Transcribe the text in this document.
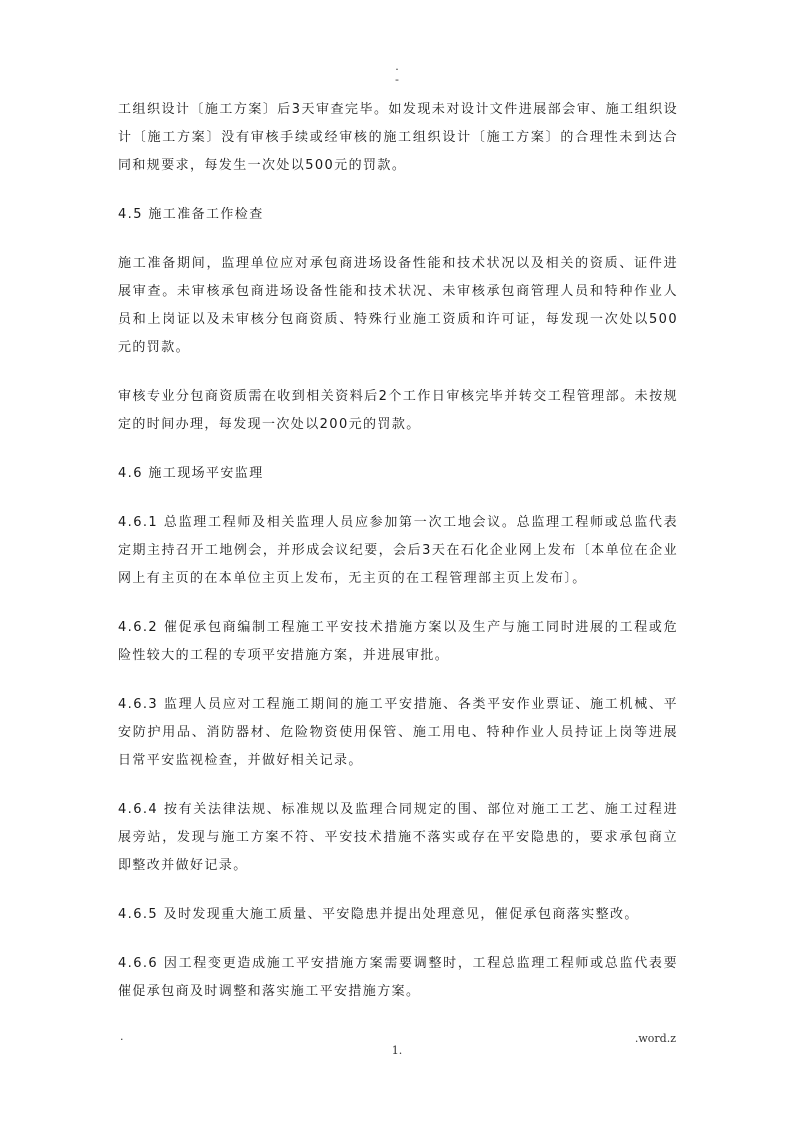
.
-

工组织设计〔施工方案〕后3天审查完毕。如发现未对设计文件进展部会审、施工组织设计〔施工方案〕没有审核手续或经审核的施工组织设计〔施工方案〕的合理性未到达合同和规要求，每发生一次处以500元的罚款。

4.5 施工准备工作检查

施工准备期间，监理单位应对承包商进场设备性能和技术状况以及相关的资质、证件进展审查。未审核承包商进场设备性能和技术状况、未审核承包商管理人员和特种作业人员和上岗证以及未审核分包商资质、特殊行业施工资质和许可证，每发现一次处以500元的罚款。

审核专业分包商资质需在收到相关资料后2个工作日审核完毕并转交工程管理部。未按规定的时间办理，每发现一次处以200元的罚款。

4.6 施工现场平安监理

4.6.1 总监理工程师及相关监理人员应参加第一次工地会议。总监理工程师或总监代表定期主持召开工地例会，并形成会议纪要，会后3天在石化企业网上发布〔本单位在企业网上有主页的在本单位主页上发布，无主页的在工程管理部主页上发布〕。

4.6.2 催促承包商编制工程施工平安技术措施方案以及生产与施工同时进展的工程或危险性较大的工程的专项平安措施方案，并进展审批。

4.6.3 监理人员应对工程施工期间的施工平安措施、各类平安作业票证、施工机械、平安防护用品、消防器材、危险物资使用保管、施工用电、特种作业人员持证上岗等进展日常平安监视检查，并做好相关记录。

4.6.4 按有关法律法规、标准规以及监理合同规定的围、部位对施工工艺、施工过程进展旁站，发现与施工方案不符、平安技术措施不落实或存在平安隐患的，要求承包商立即整改并做好记录。

4.6.5 及时发现重大施工质量、平安隐患并提出处理意见，催促承包商落实整改。

4.6.6 因工程变更造成施工平安措施方案需要调整时，工程总监理工程师或总监代表要催促承包商及时调整和落实施工平安措施方案。

.	.word.z
1.
